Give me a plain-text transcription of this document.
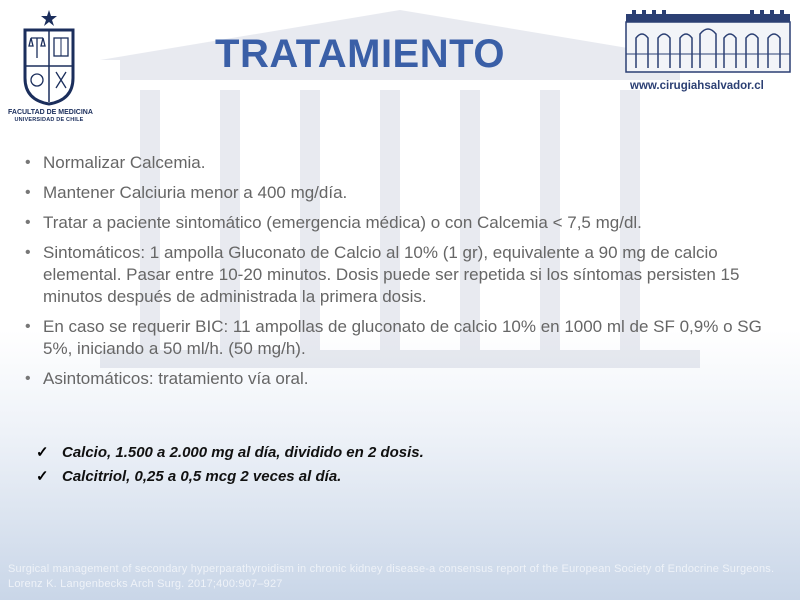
FACULTAD DE MEDICINA
UNIVERSIDAD DE CHILE
www.cirugiahsalvador.cl
TRATAMIENTO
• Normalizar Calcemia.
• Mantener Calciuria menor a 400 mg/día.
• Tratar a paciente sintomático (emergencia médica) o con Calcemia < 7,5 mg/dl.
• Sintomáticos: 1 ampolla Gluconato de Calcio al 10% (1 gr), equivalente a 90 mg de calcio elemental. Pasar entre 10-20 minutos. Dosis puede ser repetida si los síntomas persisten 15 minutos después de administrada la primera dosis.
• En caso se requerir BIC: 11 ampollas de gluconato de calcio 10% en 1000 ml de SF 0,9% o SG 5%, iniciando a 50 ml/h. (50 mg/h).
• Asintomáticos: tratamiento vía oral.
✓ Calcio, 1.500 a 2.000 mg al día, dividido en 2 dosis.
✓ Calcitriol, 0,25 a 0,5 mcg 2 veces al día.
Surgical management of secondary hyperparathyroidism in chronic kidney disease-a consensus report of the European Society of Endocrine Surgeons. Lorenz K. Langenbecks Arch Surg. 2017;400:907–927
